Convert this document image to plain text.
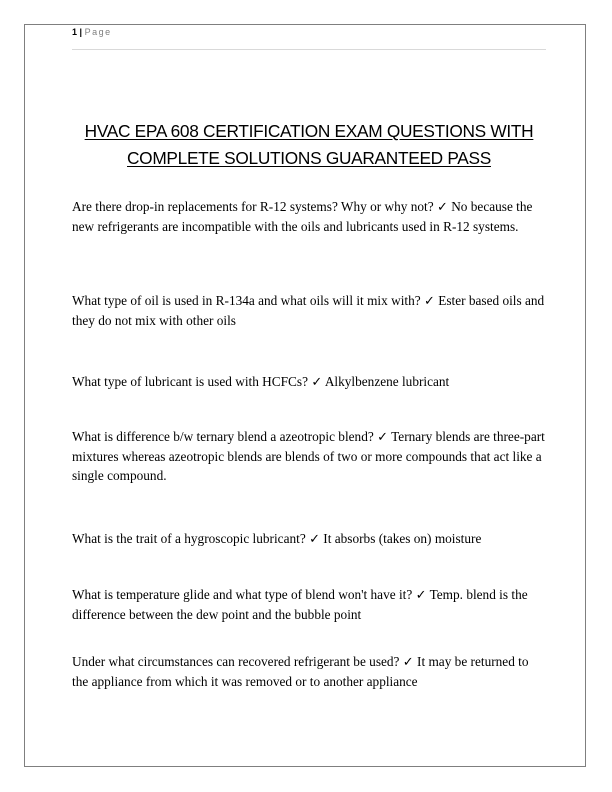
1 | Page
HVAC EPA 608 CERTIFICATION EXAM QUESTIONS WITH
COMPLETE SOLUTIONS GUARANTEED PASS
Are there drop-in replacements for R-12 systems? Why or why not? ✓ No because the new refrigerants are incompatible with the oils and lubricants used in R-12 systems.
What type of oil is used in R-134a and what oils will it mix with? ✓ Ester based oils and they do not mix with other oils
What type of lubricant is used with HCFCs? ✓ Alkylbenzene lubricant
What is difference b/w ternary blend a azeotropic blend? ✓ Ternary blends are three-part mixtures whereas azeotropic blends are blends of two or more compounds that act like a single compound.
What is the trait of a hygroscopic lubricant? ✓ It absorbs (takes on) moisture
What is temperature glide and what type of blend won't have it? ✓ Temp. blend is the difference between the dew point and the bubble point
Under what circumstances can recovered refrigerant be used? ✓ It may be returned to the appliance from which it was removed or to another appliance
